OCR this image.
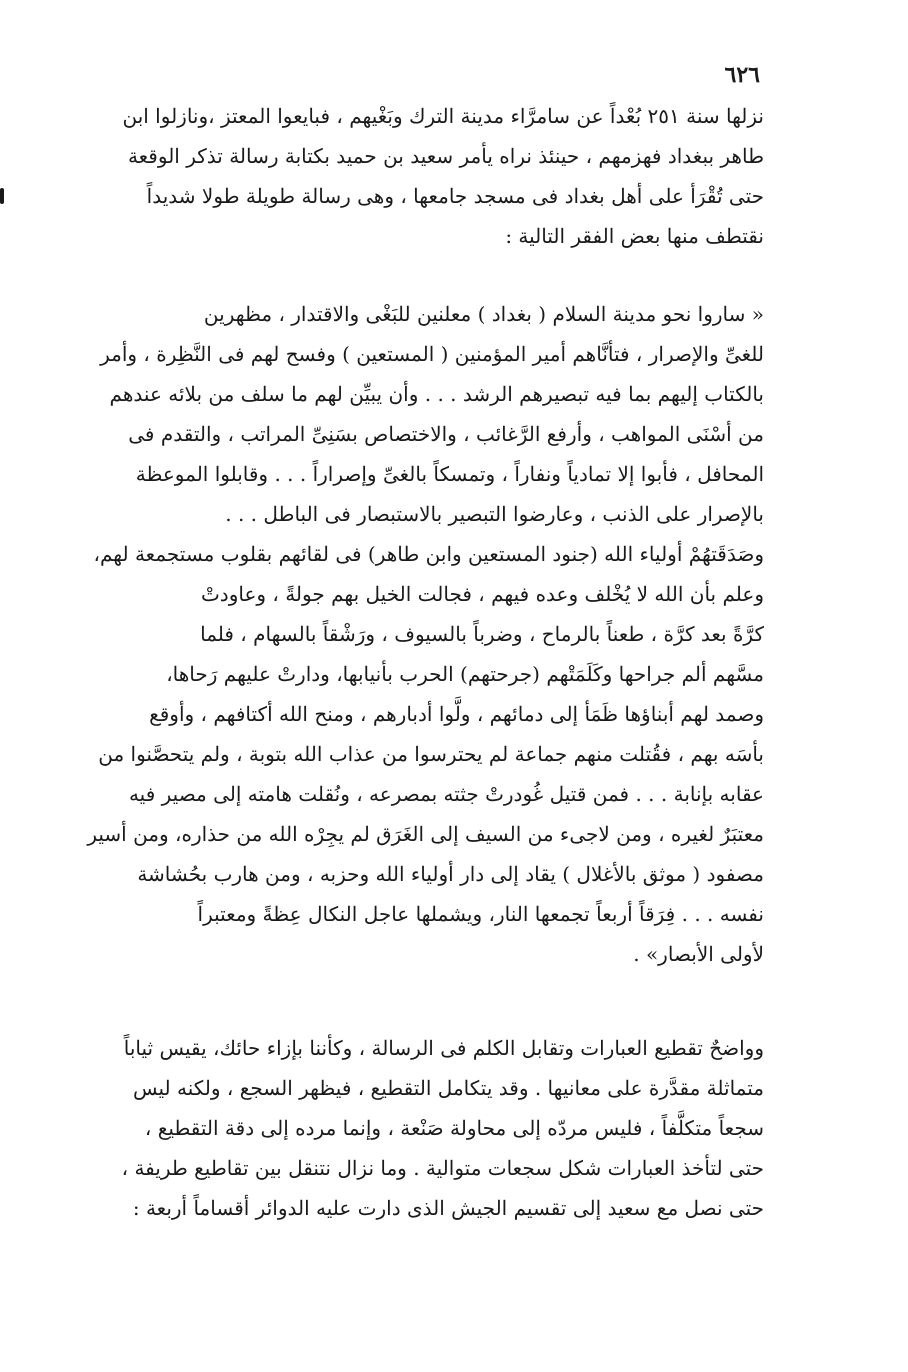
٦٢٦
نزلها سنة ٢٥١ بُعْداً عن سامرَّاء مدينة الترك وبَغْيهم ، فبايعوا المعتز ،ونازلوا ابن
طاهر ببغداد فهزمهم ، حينئذ نراه يأمر سعيد بن حميد بكتابة رسالة تذكر الوقعة
حتى تُقْرَأ على أهل بغداد فى مسجد جامعها ، وهى رسالة طويلة طولا شديداً
نقتطف منها بعض الفقر التالية :
« ساروا نحو مدينة السلام ( بغداد ) معلنين للبَغْى والاقتدار ، مظهرين
للغىِّ والإصرار ، فتأنَّاهم أمير المؤمنين ( المستعين ) وفسح لهم فى النَّظِرة ، وأمر
بالكتاب إليهم بما فيه تبصيرهم الرشد . . . وأن يبيِّن لهم ما سلف من بلائه عندهم
من أسْنَى المواهب ، وأرفع الرَّغائب ، والاختصاص بسَنِىِّ المراتب ، والتقدم فى
المحافل ، فأبوا إلا تمادياً ونفاراً ، وتمسكاً بالغىِّ وإصراراً . . . وقابلوا الموعظة
بالإصرار على الذنب ، وعارضوا التبصير بالاستبصار فى الباطل . . .
وصَدَقَتهُمْ أولياء الله (جنود المستعين وابن طاهر) فى لقائهم بقلوب مستجمعة لهم،
وعلم بأن الله لا يُخْلف وعده فيهم ، فجالت الخيل بهم جولةً ، وعاودتْ
كرَّةً بعد كرَّة ، طعناً بالرماح ، وضرباً بالسيوف ، ورَشْقاً بالسهام ، فلما
مسَّهم ألم جراحها وكَلَمَتْهم (جرحتهم) الحرب بأنيابها، ودارتْ عليهم رَحاها،
وصمد لهم أبناؤها ظَمَأ إلى دمائهم ، ولَّوا أدبارهم ، ومنح الله أكتافهم ، وأوقع
بأسَه بهم ، فقُتلت منهم جماعة لم يحترسوا من عذاب الله بتوبة ، ولم يتحصَّنوا من
عقابه بإنابة . . . فمن قتيل غُودرتْ جثته بمصرعه ، ونُقلت هامته إلى مصير فيه
معتبَرٌ لغيره ، ومن لاجىء من السيف إلى الغَرَق لم يجِرْه الله من حذاره، ومن أسير
مصفود ( موثق بالأغلال ) يقاد إلى دار أولياء الله وحزبه ، ومن هارب بحُشاشة
نفسه . . . فِرَقاً أربعاً تجمعها النار، ويشملها عاجل النكال عِظةً ومعتبراً
لأولى الأبصار» .
وواضحٌ تقطيع العبارات وتقابل الكلم فى الرسالة ، وكأننا بإزاء حائك، يقيس ثياباً
متماثلة مقدَّرة على معانيها . وقد يتكامل التقطيع ، فيظهر السجع ، ولكنه ليس
سجعاً متكلَّفاً ، فليس مردّه إلى محاولة صَنْعة ، وإنما مرده إلى دقة التقطيع ،
حتى لتأخذ العبارات شكل سجعات متوالية . وما نزال نتنقل بين تقاطيع طريفة ،
حتى نصل مع سعيد إلى تقسيم الجيش الذى دارت عليه الدوائر أقساماً أربعة :
